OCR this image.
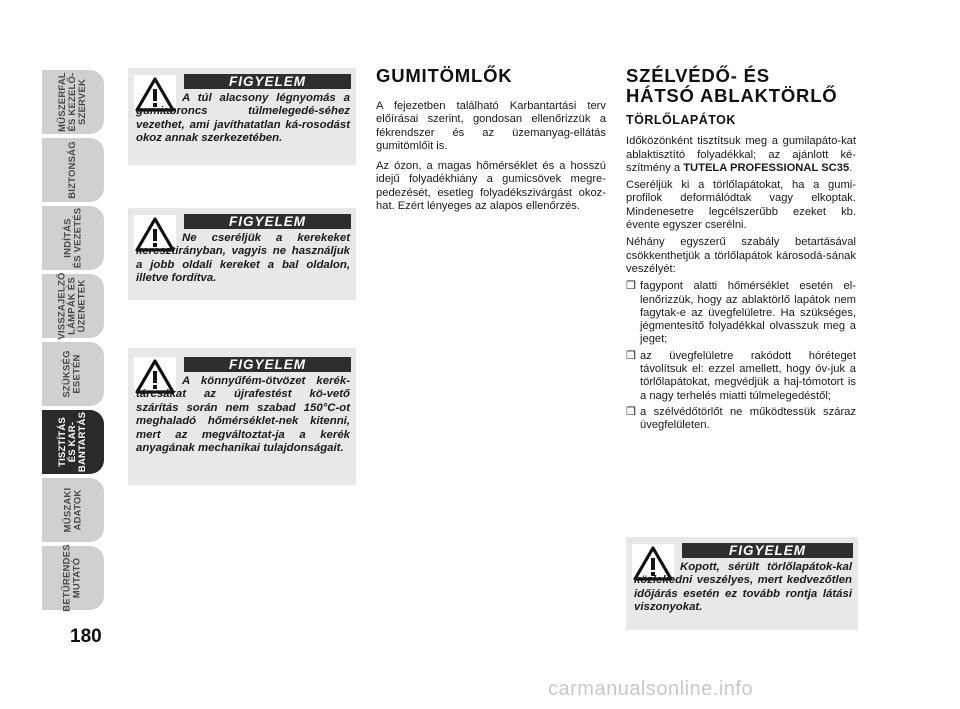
MŰSZERFAL
ÉS KEZELŐ-
SZERVEK
BIZTONSÁG
INDÍTÁS
ÉS VEZETÉS
VISSZAJELZŐ
LÁMPÁK ÉS
ÜZENETEK
SZÜKSÉG
ESETÉN
TISZTÍTÁS
ÉS KAR-
BANTARTÁS
MŰSZAKI
ADATOK
BETŰRENDES
MUTATÓ
180
FIGYELEM
A túl alacsony légnyomás a gumiabroncs túlmelegedé-séhez vezethet, ami javíthatatlan ká-rosodást okoz annak szerkezetében.
FIGYELEM
Ne cseréljük a kerekeket keresztirányban, vagyis ne használjuk a jobb oldali kereket a bal oldalon, illetve fordítva.
FIGYELEM
A könnyűfém-ötvözet kerék-tárcsákat az újrafestést kö-vető szárítás során nem szabad 150°C-ot meghaladó hőmérséklet-nek kitenni, mert az megváltoztat-ja a kerék anyagának mechanikai tulajdonságait.
GUMITÖMLŐK

A fejezetben található Karbantartási terv előírásai szerint, gondosan ellenőrizzük a fékrendszer és az üzemanyag-ellátás gumitömlőit is.

Az ózon, a magas hőmérséklet és a hosszú idejű folyadékhiány a gumicsövek megre-pedezését, esetleg folyadékszivárgást okoz-hat. Ezért lényeges az alapos ellenőrzés.

SZÉLVÉDŐ- ÉS
HÁTSÓ ABLAKTÖRLŐ
TÖRLŐLAPÁTOK

Időközönként tisztítsuk meg a gumilapáto-kat ablaktisztító folyadékkal; az ajánlott ké-szítmény a TUTELA PROFESSIONAL SC35.

Cseréljük ki a törlőlapátokat, ha a gumi-profilok deformálódtak vagy elkoptak. Mindenesetre legcélszerűbb ezeket kb. évente egyszer cserélni.

Néhány egyszerű szabály betartásával csökkenthetjük a törlőlapátok károsodá-sának veszélyét:

❒ fagypont alatti hőmérséklet esetén el-lenőrizzük, hogy az ablaktörlő lapátok nem fagytak-e az üvegfelületre. Ha szükséges, jégmentesítő folyadékkal olvasszuk meg a jeget;
❒ az üvegfelületre rakódott hóréteget távolítsuk el: ezzel amellett, hogy óv-juk a törlőlapátokat, megvédjük a haj-tómotort is a nagy terhelés miatti túlmelegedéstől;
❒ a szélvédőtörlőt ne működtessük száraz üvegfelületen.
FIGYELEM
Kopott, sérült törlőlapátok-kal közlekedni veszélyes, mert kedvezőtlen időjárás esetén ez tovább rontja látási viszonyokat.
carmanualsonline.info
